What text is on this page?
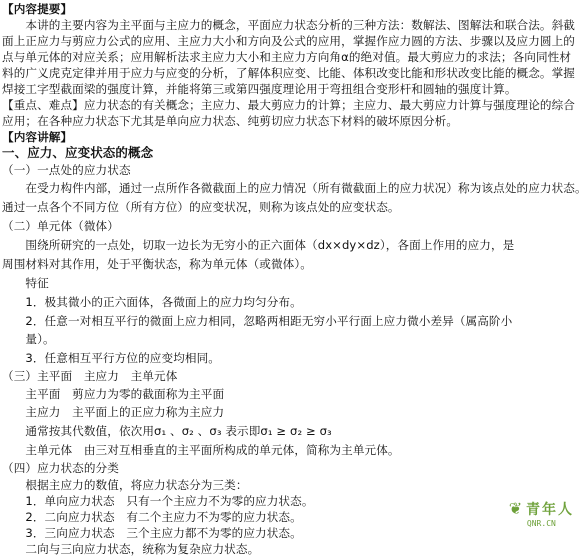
【内容提要】
　　本讲的主要内容为主平面与主应力的概念，平面应力状态分析的三种方法：数解法、图解法和联合法。斜截
面上正应力与剪应力公式的应用、主应力大小和方向及公式的应用，掌握作应力圆的方法、步骤以及应力圆上的
点与单元体的对应关系；应用解析法求主应力大小和主应力方向角α的绝对值。最大剪应力的求法；各向同性材
料的广义虎克定律并用于应力与应变的分析，了解体积应变、比能、体积改变比能和形状改变比能的概念。掌握
焊接工字型截面梁的强度计算，并能将第三或第四强度理论用于弯扭组合变形杆和圆轴的强度计算。
【重点、难点】应力状态的有关概念；主应力、最大剪应力的计算；主应力、最大剪应力计算与强度理论的综合
应用；在各种应力状态下尤其是单向应力状态、纯剪切应力状态下材料的破坏原因分析。
【内容讲解】
一、应力、应变状态的概念
（一）一点处的应力状态
　　在受力构件内部，通过一点所作各微截面上的应力情况（所有微截面上的应力状况）称为该点处的应力状态。
通过一点各个不同方位（所有方位）的应变状况，则称为该点处的应变状态。
（二）单元体（微体）
　　围绕所研究的一点处，切取一边长为无穷小的正六面体（dx×dy×dz），各面上作用的应力，是
周围材料对其作用，处于平衡状态，称为单元体（或微体）。
　　特征
　　1．极其微小的正六面体，各微面上的应力均匀分布。
　　2．任意一对相互平行的微面上应力相同，忽略两相距无穷小平行面上应力微小差异（属高阶小
　　量）。
　　3．任意相互平行方位的应变均相同。
（三）主平面　主应力　主单元体
　　主平面　剪应力为零的截面称为主平面
　　主应力　主平面上的正应力称为主应力
　　通常按其代数值，依次用σ₁ 、σ₂ 、σ₃ 表示即σ₁ ≥ σ₂ ≥ σ₃
　　主单元体　由三对互相垂直的主平面所构成的单元体，简称为主单元体。
（四）应力状态的分类
　　根据主应力的数值，将应力状态分为三类：
　　1．单向应力状态　只有一个主应力不为零的应力状态。
　　2．二向应力状态　有二个主应力不为零的应力状态。
　　3．三向应力状态　三个主应力都不为零的应力状态。
　　二向与三向应力状态，统称为复杂应力状态。
❦ 青年人
QNR.CN
